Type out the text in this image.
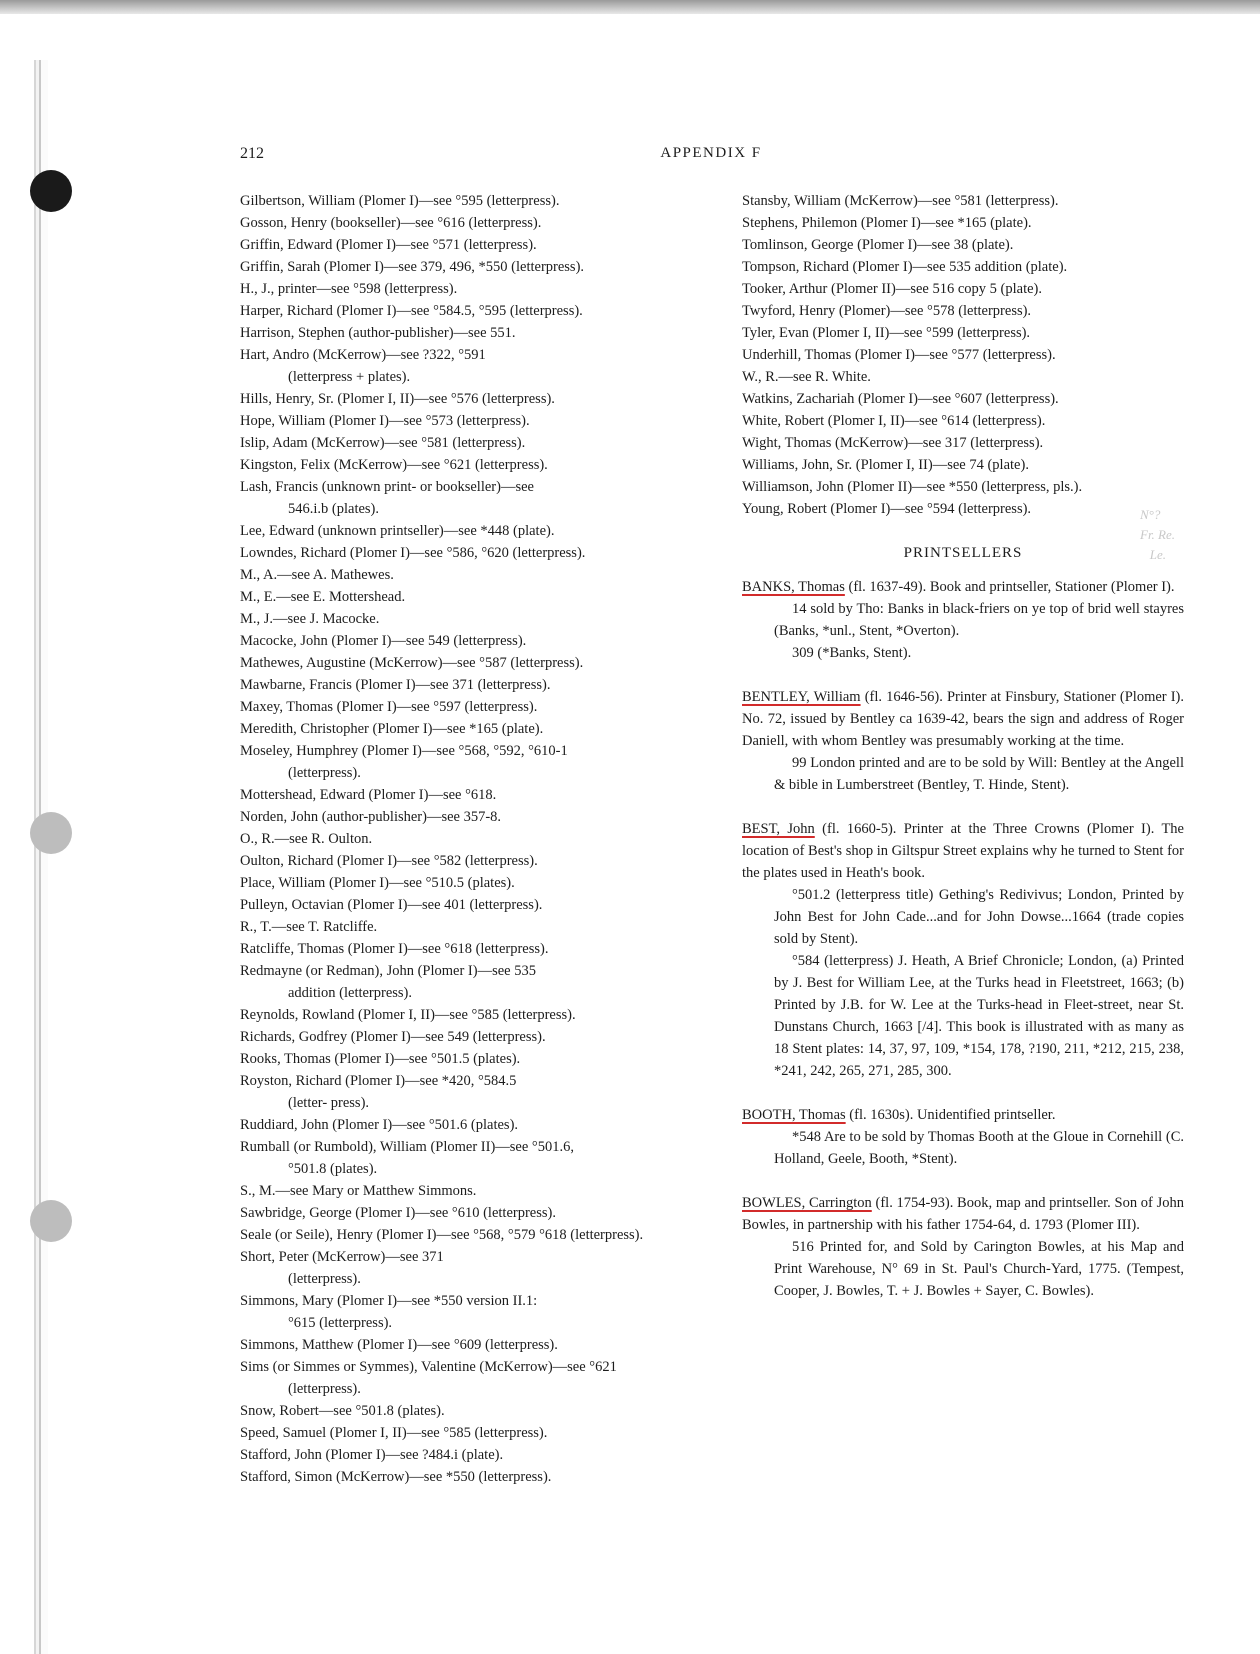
212	APPENDIX F
Gilbertson, William (Plomer I)—see °595 (letterpress).
Gosson, Henry (bookseller)—see °616 (letterpress).
Griffin, Edward (Plomer I)—see °571 (letterpress).
Griffin, Sarah (Plomer I)—see 379, 496, *550 (letterpress).
H., J., printer—see °598 (letterpress).
Harper, Richard (Plomer I)—see °584.5, °595 (letterpress).
Harrison, Stephen (author-publisher)—see 551.
Hart, Andro (McKerrow)—see ?322, °591
(letterpress + plates).
Hills, Henry, Sr. (Plomer I, II)—see °576 (letterpress).
Hope, William (Plomer I)—see °573 (letterpress).
Islip, Adam (McKerrow)—see °581 (letterpress).
Kingston, Felix (McKerrow)—see °621 (letterpress).
Lash, Francis (unknown print- or bookseller)—see
546.i.b (plates).
Lee, Edward (unknown printseller)—see *448 (plate).
Lowndes, Richard (Plomer I)—see °586, °620 (letterpress).
M., A.—see A. Mathewes.
M., E.—see E. Mottershead.
M., J.—see J. Macocke.
Macocke, John (Plomer I)—see 549 (letterpress).
Mathewes, Augustine (McKerrow)—see °587 (letterpress).
Mawbarne, Francis (Plomer I)—see 371 (letterpress).
Maxey, Thomas (Plomer I)—see °597 (letterpress).
Meredith, Christopher (Plomer I)—see *165 (plate).
Moseley, Humphrey (Plomer I)—see °568, °592, °610-1
(letterpress).
Mottershead, Edward (Plomer I)—see °618.
Norden, John (author-publisher)—see 357-8.
O., R.—see R. Oulton.
Oulton, Richard (Plomer I)—see °582 (letterpress).
Place, William (Plomer I)—see °510.5 (plates).
Pulleyn, Octavian (Plomer I)—see 401 (letterpress).
R., T.—see T. Ratcliffe.
Ratcliffe, Thomas (Plomer I)—see °618 (letterpress).
Redmayne (or Redman), John (Plomer I)—see 535
addition (letterpress).
Reynolds, Rowland (Plomer I, II)—see °585 (letterpress).
Richards, Godfrey (Plomer I)—see 549 (letterpress).
Rooks, Thomas (Plomer I)—see °501.5 (plates).
Royston, Richard (Plomer I)—see *420, °584.5
(letter- press).
Ruddiard, John (Plomer I)—see °501.6 (plates).
Rumball (or Rumbold), William (Plomer II)—see °501.6,
°501.8 (plates).
S., M.—see Mary or Matthew Simmons.
Sawbridge, George (Plomer I)—see °610 (letterpress).
Seale (or Seile), Henry (Plomer I)—see °568, °579 °618 (letterpress).
Short, Peter (McKerrow)—see 371
(letterpress).
Simmons, Mary (Plomer I)—see *550 version II.1:
°615 (letterpress).
Simmons, Matthew (Plomer I)—see °609 (letterpress).
Sims (or Simmes or Symmes), Valentine (McKerrow)—see °621
(letterpress).
Snow, Robert—see °501.8 (plates).
Speed, Samuel (Plomer I, II)—see °585 (letterpress).
Stafford, John (Plomer I)—see ?484.i (plate).
Stafford, Simon (McKerrow)—see *550 (letterpress).
Stansby, William (McKerrow)—see °581 (letterpress).
Stephens, Philemon (Plomer I)—see *165 (plate).
Tomlinson, George (Plomer I)—see 38 (plate).
Tompson, Richard (Plomer I)—see 535 addition (plate).
Tooker, Arthur (Plomer II)—see 516 copy 5 (plate).
Twyford, Henry (Plomer)—see °578 (letterpress).
Tyler, Evan (Plomer I, II)—see °599 (letterpress).
Underhill, Thomas (Plomer I)—see °577 (letterpress).
W., R.—see R. White.
Watkins, Zachariah (Plomer I)—see °607 (letterpress).
White, Robert (Plomer I, II)—see °614 (letterpress).
Wight, Thomas (McKerrow)—see 317 (letterpress).
Williams, John, Sr. (Plomer I, II)—see 74 (plate).
Williamson, John (Plomer II)—see *550 (letterpress, pls.).
Young, Robert (Plomer I)—see °594 (letterpress).
PRINTSELLERS
BANKS, Thomas (fl. 1637-49). Book and printseller, Stationer (Plomer I).
14 sold by Tho: Banks in black-friers on ye top of brid well stayres (Banks, *unl., Stent, *Overton).
309 (*Banks, Stent).
BENTLEY, William (fl. 1646-56). Printer at Finsbury, Stationer (Plomer I). No. 72, issued by Bentley ca 1639-42, bears the sign and address of Roger Daniell, with whom Bentley was presumably working at the time.
99 London printed and are to be sold by Will: Bentley at the Angell & bible in Lumberstreet (Bentley, T. Hinde, Stent).
BEST, John (fl. 1660-5). Printer at the Three Crowns (Plomer I). The location of Best's shop in Giltspur Street explains why he turned to Stent for the plates used in Heath's book.
°501.2 (letterpress title) Gething's Redivivus; London, Printed by John Best for John Cade...and for John Dowse...1664 (trade copies sold by Stent).
°584 (letterpress) J. Heath, A Brief Chronicle; London, (a) Printed by J. Best for William Lee, at the Turks head in Fleetstreet, 1663; (b) Printed by J.B. for W. Lee at the Turks-head in Fleet-street, near St. Dunstans Church, 1663 [/4]. This book is illustrated with as many as 18 Stent plates: 14, 37, 97, 109, *154, 178, ?190, 211, *212, 215, 238, *241, 242, 265, 271, 285, 300.
BOOTH, Thomas (fl. 1630s). Unidentified printseller.
*548 Are to be sold by Thomas Booth at the Gloue in Cornehill (C. Holland, Geele, Booth, *Stent).
BOWLES, Carrington (fl. 1754-93). Book, map and printseller. Son of John Bowles, in partnership with his father 1754-64, d. 1793 (Plomer III).
516 Printed for, and Sold by Carington Bowles, at his Map and Print Warehouse, N° 69 in St. Paul's Church-Yard, 1775. (Tempest, Cooper, J. Bowles, T. + J. Bowles + Sayer, C. Bowles).
N°?
Fr. Re.
Le.
